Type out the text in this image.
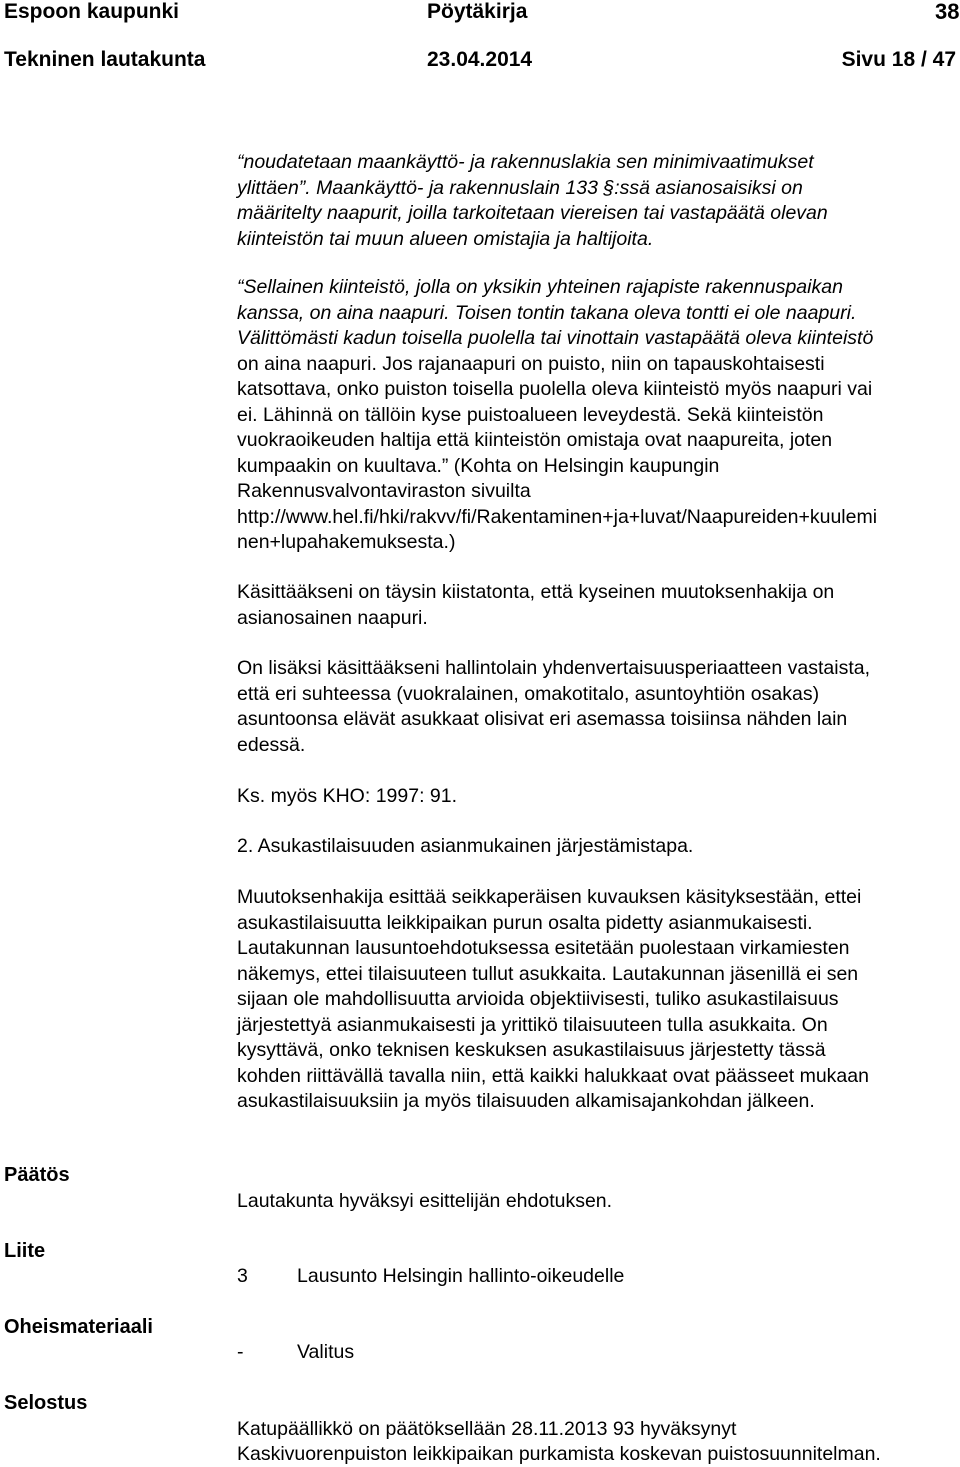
Espoon kaupunki	Pöytäkirja	38
Tekninen lautakunta	23.04.2014	Sivu 18 / 47
“noudatetaan maankäyttö- ja rakennuslakia sen minimivaatimukset
ylittäen”. Maankäyttö- ja rakennuslain 133 §:ssä asianosaisiksi on
määritelty naapurit, joilla tarkoitetaan viereisen tai vastapäätä olevan
kiinteistön tai muun alueen omistajia ja haltijoita.
“Sellainen kiinteistö, jolla on yksikin yhteinen rajapiste rakennuspaikan
kanssa, on aina naapuri. Toisen tontin takana oleva tontti ei ole naapuri.
Välittömästi kadun toisella puolella tai vinottain vastapäätä oleva kiinteistö
on aina naapuri. Jos rajanaapuri on puisto, niin on tapauskohtaisesti
katsottava, onko puiston toisella puolella oleva kiinteistö myös naapuri vai
ei. Lähinnä on tällöin kyse puistoalueen leveydestä. Sekä kiinteistön
vuokraoikeuden haltija että kiinteistön omistaja ovat naapureita, joten
kumpaakin on kuultava.” (Kohta on Helsingin kaupungin
Rakennusvalvontaviraston sivuilta
http://www.hel.fi/hki/rakvv/fi/Rakentaminen+ja+luvat/Naapureiden+kuulemi
nen+lupahakemuksesta.)
Käsittääkseni on täysin kiistatonta, että kyseinen muutoksenhakija on
asianosainen naapuri.
On lisäksi käsittääkseni hallintolain yhdenvertaisuusperiaatteen vastaista,
että eri suhteessa (vuokralainen, omakotitalo, asuntoyhtiön osakas)
asuntoonsa elävät asukkaat olisivat eri asemassa toisiinsa nähden lain
edessä.
Ks. myös KHO: 1997: 91.
2. Asukastilaisuuden asianmukainen järjestämistapa.
Muutoksenhakija esittää seikkaperäisen kuvauksen käsityksestään, ettei
asukastilaisuutta leikkipaikan purun osalta pidetty asianmukaisesti.
Lautakunnan lausuntoehdotuksessa esitetään puolestaan virkamiesten
näkemys, ettei tilaisuuteen tullut asukkaita. Lautakunnan jäsenillä ei sen
sijaan ole mahdollisuutta arvioida objektiivisesti, tuliko asukastilaisuus
järjestettyä asianmukaisesti ja yrittikö tilaisuuteen tulla asukkaita. On
kysyttävä, onko teknisen keskuksen asukastilaisuus järjestetty tässä
kohden riittävällä tavalla niin, että kaikki halukkaat ovat päässeet mukaan
asukastilaisuuksiin ja myös tilaisuuden alkamisajankohdan jälkeen.
Päätös
Lautakunta hyväksyi esittelijän ehdotuksen.
Liite
3	Lausunto Helsingin hallinto-oikeudelle
Oheismateriaali
-	Valitus
Selostus
Katupäällikkö on päätöksellään 28.11.2013 93 hyväksynyt
Kaskivuorenpuiston leikkipaikan purkamista koskevan puistosuunnitelman.
